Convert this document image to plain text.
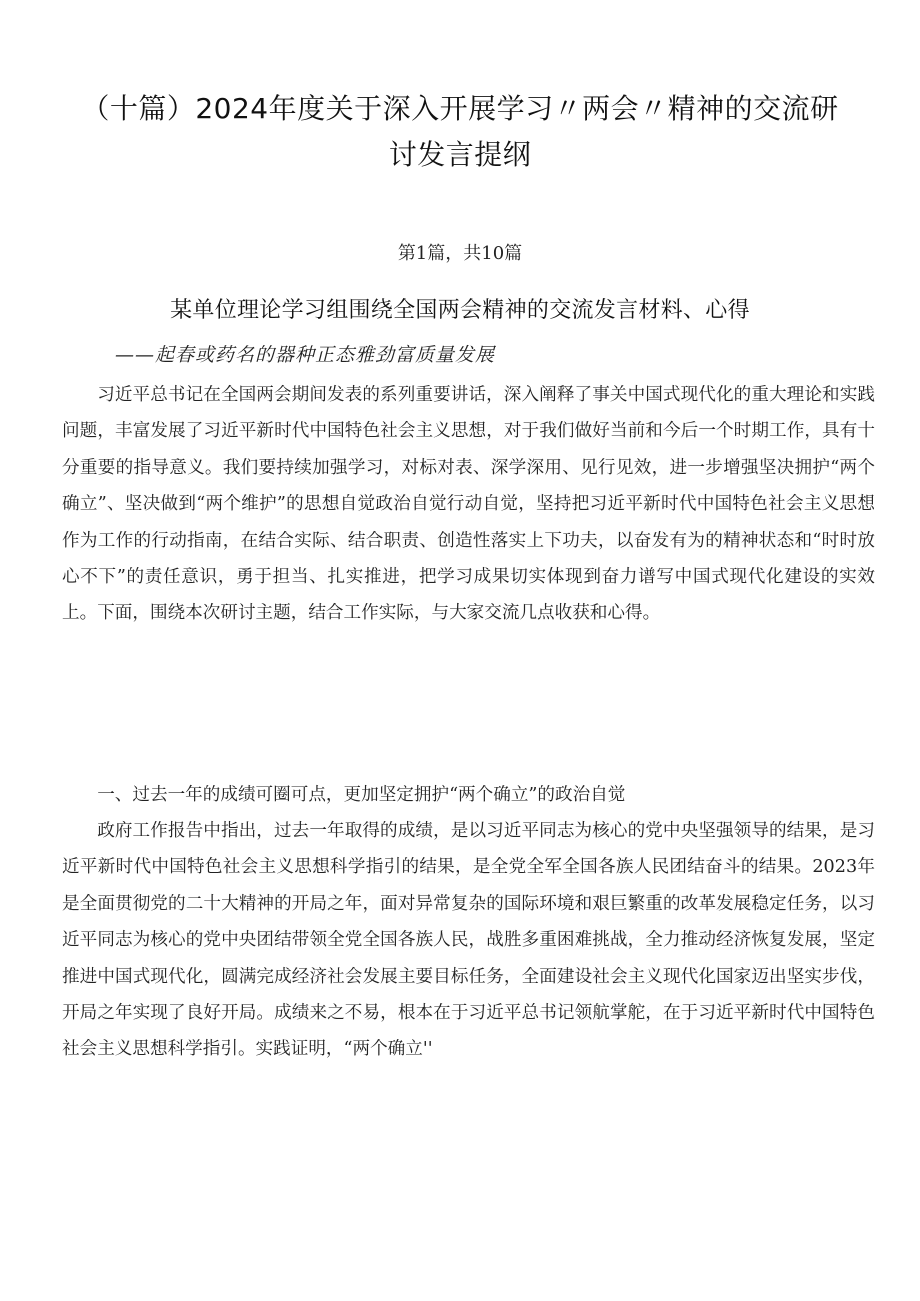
（十篇）2024年度关于深入开展学习〃两会〃精神的交流研
讨发言提纲
第1篇，共10篇
某单位理论学习组围绕全国两会精神的交流发言材料、心得
——起春或药名的器种正态雅劲富质量发展

习近平总书记在全国两会期间发表的系列重要讲话，深入阐释了事关中国式现代化的重大理论和实践问题，丰富发展了习近平新时代中国特色社会主义思想，对于我们做好当前和今后一个时期工作，具有十分重要的指导意义。我们要持续加强学习，对标对表、深学深用、见行见效，进一步增强坚决拥护“两个确立”、坚决做到“两个维护”的思想自觉政治自觉行动自觉，坚持把习近平新时代中国特色社会主义思想作为工作的行动指南，在结合实际、结合职责、创造性落实上下功夫，以奋发有为的精神状态和“时时放心不下”的责任意识，勇于担当、扎实推进，把学习成果切实体现到奋力谱写中国式现代化建设的实效上。下面，围绕本次研讨主题，结合工作实际，与大家交流几点收获和心得。

一、过去一年的成绩可圈可点，更加坚定拥护“两个确立”的政治自觉

政府工作报告中指出，过去一年取得的成绩，是以习近平同志为核心的党中央坚强领导的结果，是习近平新时代中国特色社会主义思想科学指引的结果，是全党全军全国各族人民团结奋斗的结果。2023年是全面贯彻党的二十大精神的开局之年，面对异常复杂的国际环境和艰巨繁重的改革发展稳定任务，以习近平同志为核心的党中央团结带领全党全国各族人民，战胜多重困难挑战，全力推动经济恢复发展，坚定推进中国式现代化，圆满完成经济社会发展主要目标任务，全面建设社会主义现代化国家迈出坚实步伐，开局之年实现了良好开局。成绩来之不易，根本在于习近平总书记领航掌舵，在于习近平新时代中国特色社会主义思想科学指引。实践证明，“两个确立''
